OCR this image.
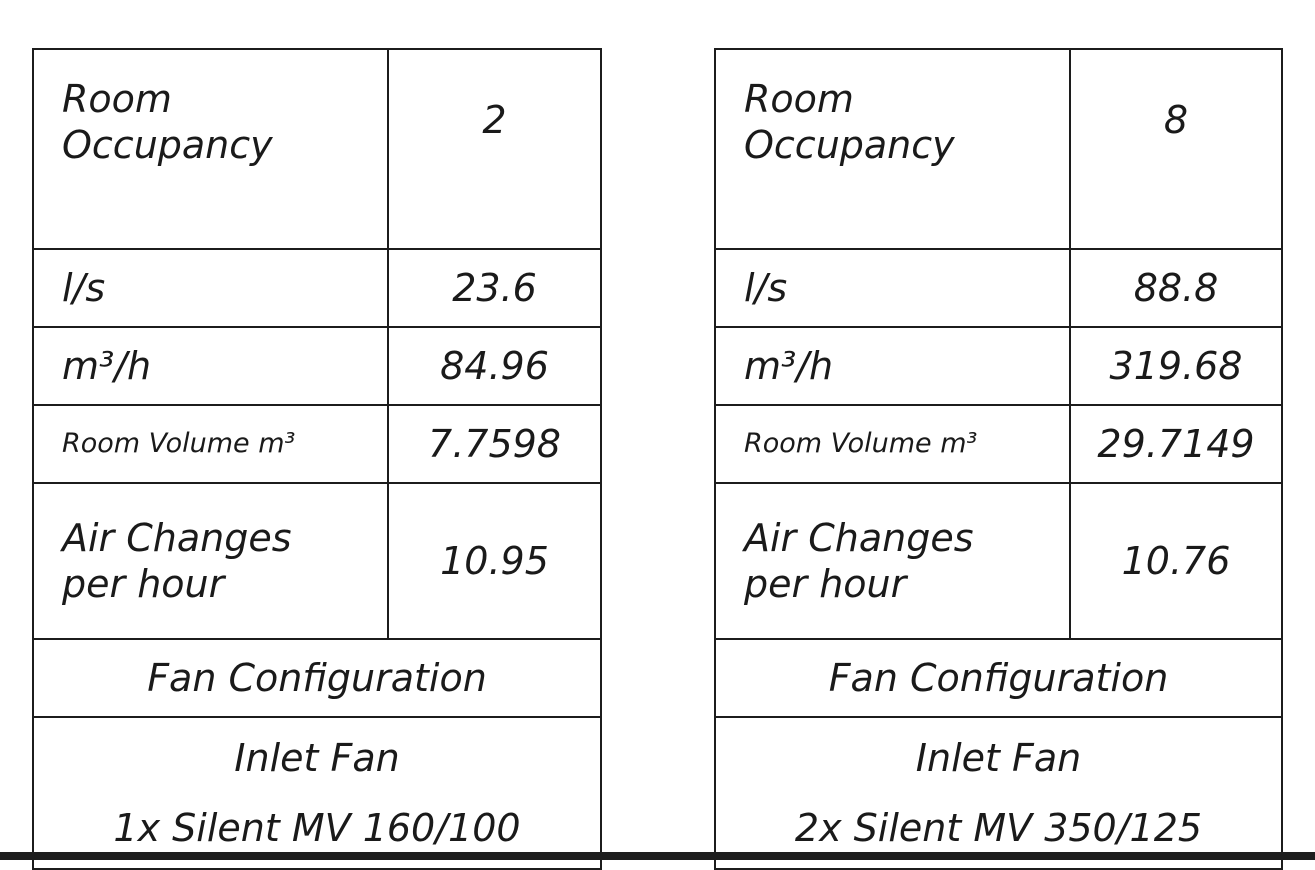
Room
Occupancy	2
l/s	23.6
m³/h	84.96
Room Volume m³	7.7598
Air Changes
per hour	10.95
Fan Configuration	

Inlet Fan
1x Silent MV 160/100	
Room
Occupancy	8
l/s	88.8
m³/h	319.68
Room Volume m³	29.7149
Air Changes
per hour	10.76
Fan Configuration	

Inlet Fan
2x Silent MV 350/125	
